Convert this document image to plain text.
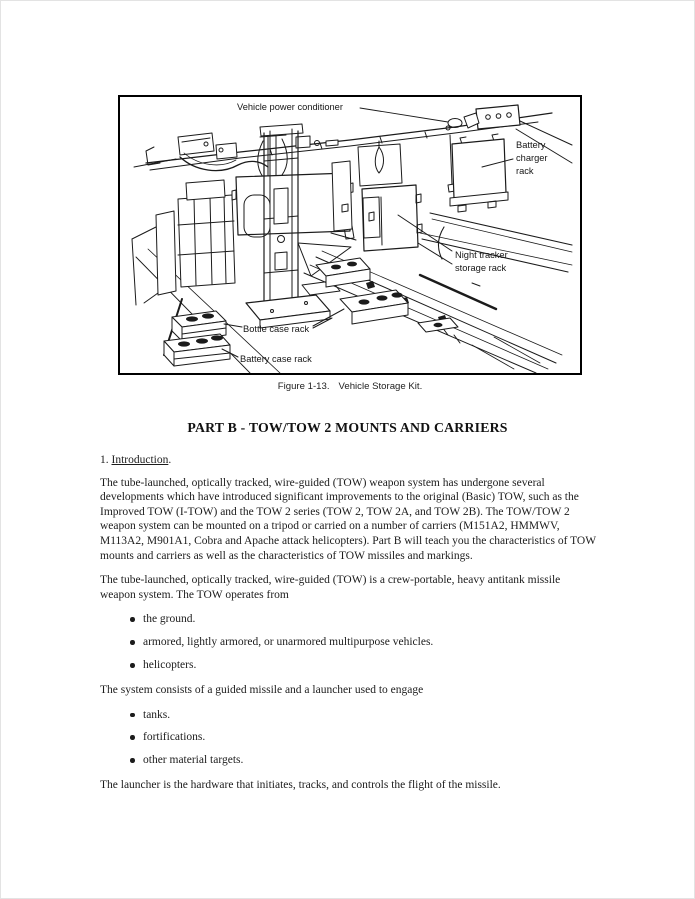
Vehicle power conditioner
Battery
charger
rack
Night tracker
storage rack
Bottle case rack
Battery case rack
Figure 1-13. Vehicle Storage Kit.
PART B - TOW/TOW 2 MOUNTS AND CARRIERS
1. Introduction.

The tube-launched, optically tracked, wire-guided (TOW) weapon system has undergone several developments which have introduced significant improvements to the original (Basic) TOW, such as the Improved TOW (I-TOW) and the TOW 2 series (TOW 2, TOW 2A, and TOW 2B). The TOW/TOW 2 weapon system can be mounted on a tripod or carried on a number of carriers (M151A2, HMMWV, M113A2, M901A1, Cobra and Apache attack helicopters). Part B will teach you the characteristics of TOW mounts and carriers as well as the characteristics of TOW missiles and markings.

The tube-launched, optically tracked, wire-guided (TOW) is a crew-portable, heavy antitank missile weapon system. The TOW operates from

the ground.
armored, lightly armored, or unarmored multipurpose vehicles.
helicopters.

The system consists of a guided missile and a launcher used to engage

tanks.
fortifications.
other material targets.

The launcher is the hardware that initiates, tracks, and controls the flight of the missile.
